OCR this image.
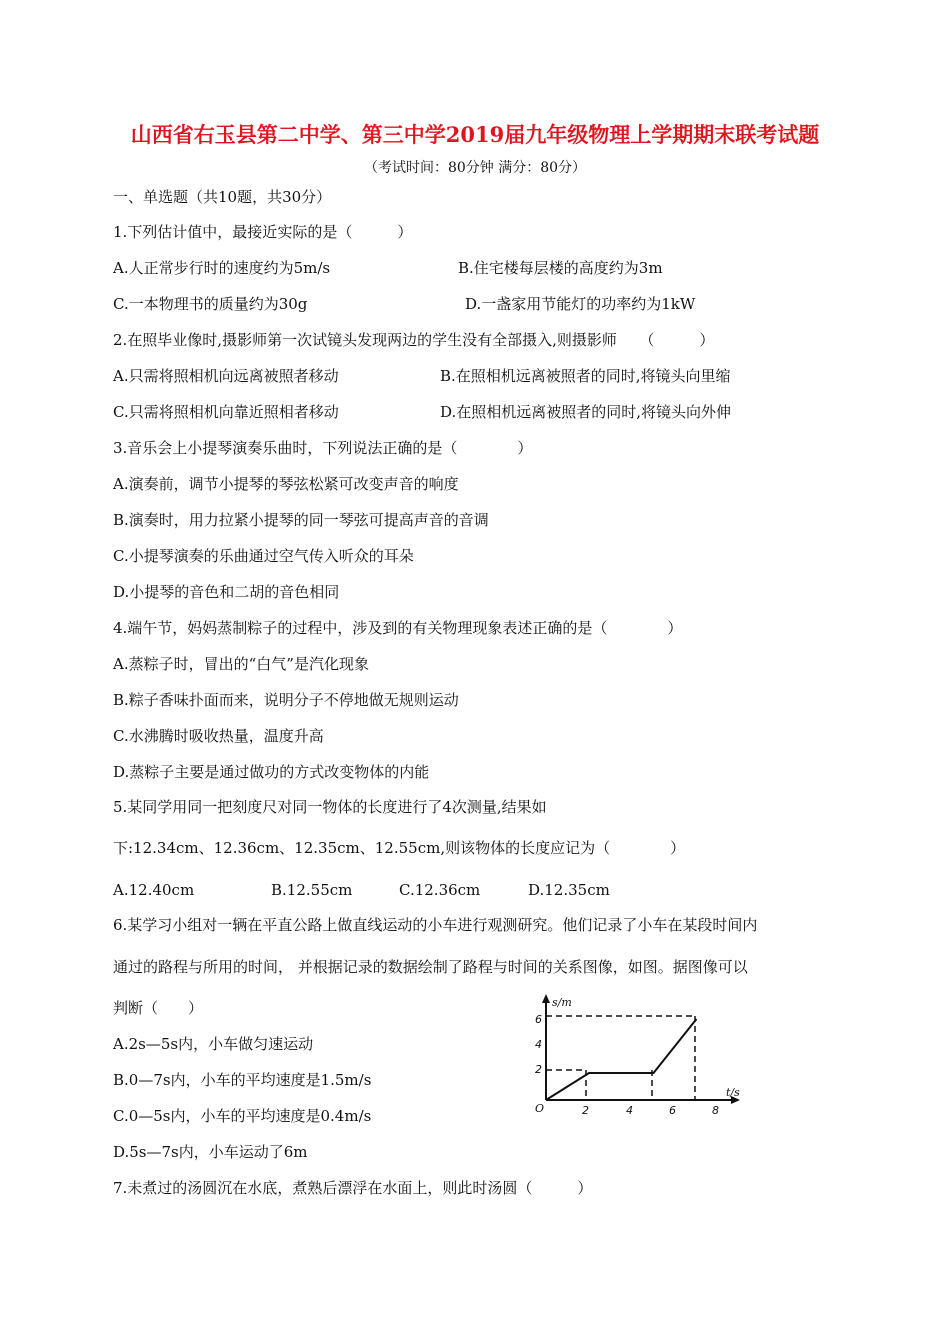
山西省右玉县第二中学、第三中学2019届九年级物理上学期期末联考试题
（考试时间：80分钟 满分：80分）
一、单选题（共10题，共30分）
1.下列估计值中，最接近实际的是（　　　）
A.人正常步行时的速度约为5m/s	B.住宅楼每层楼的高度约为3m
C.一本物理书的质量约为30g	D.一盏家用节能灯的功率约为1kW
2.在照毕业像时,摄影师第一次试镜头发现两边的学生没有全部摄入,则摄影师　　（　　　）
A.只需将照相机向远离被照者移动	B.在照相机远离被照者的同时,将镜头向里缩
C.只需将照相机向靠近照相者移动	D.在照相机远离被照者的同时,将镜头向外伸
3.音乐会上小提琴演奏乐曲时，下列说法正确的是（　　　　）
A.演奏前，调节小提琴的琴弦松紧可改变声音的响度
B.演奏时，用力拉紧小提琴的同一琴弦可提高声音的音调
C.小提琴演奏的乐曲通过空气传入听众的耳朵
D.小提琴的音色和二胡的音色相同
4.端午节，妈妈蒸制粽子的过程中，涉及到的有关物理现象表述正确的是（　　　　）
A.蒸粽子时，冒出的“白气”是汽化现象
B.粽子香味扑面而来，说明分子不停地做无规则运动
C.水沸腾时吸收热量，温度升高
D.蒸粽子主要是通过做功的方式改变物体的内能
5.某同学用同一把刻度尺对同一物体的长度进行了4次测量,结果如
下:12.34cm、12.36cm、12.35cm、12.55cm,则该物体的长度应记为（　　　　）
A.12.40cm	B.12.55cm	C.12.36cm	D.12.35cm
6.某学习小组对一辆在平直公路上做直线运动的小车进行观测研究。他们记录了小车在某段时间内
通过的路程与所用的时间， 并根据记录的数据绘制了路程与时间的关系图像，如图。据图像可以
判断（　　）
A.2s—5s内，小车做匀速运动
B.0—7s内，小车的平均速度是1.5m/s
C.0—5s内，小车的平均速度是0.4m/s
D.5s—7s内，小车运动了6m
7.未煮过的汤圆沉在水底，煮熟后漂浮在水面上，则此时汤圆（　　　）
s/m
t/s
O
2
4
6
2	4	6	8
